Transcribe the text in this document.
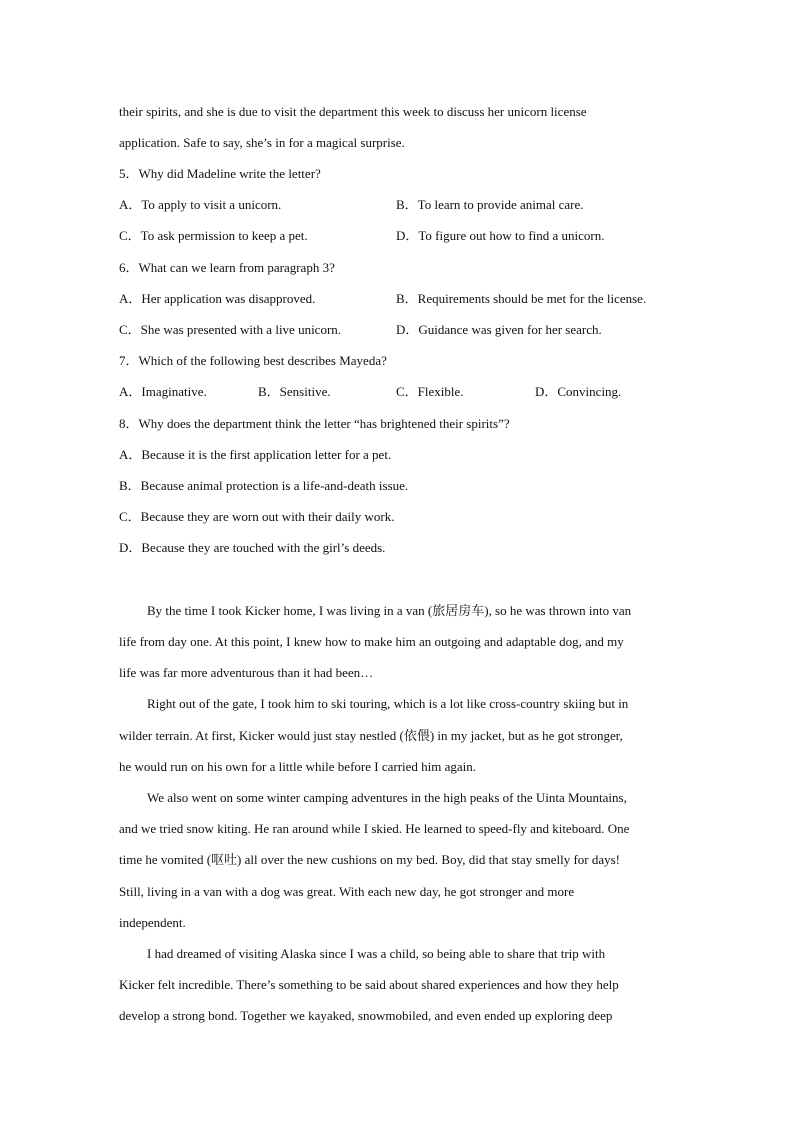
their spirits, and she is due to visit the department this week to discuss her unicorn license
application. Safe to say, she’s in for a magical surprise.
5．Why did Madeline write the letter?
A．To apply to visit a unicorn.	B．To learn to provide animal care.
C．To ask permission to keep a pet.	D．To figure out how to find a unicorn.
6．What can we learn from paragraph 3?
A．Her application was disapproved.	B．Requirements should be met for the license.
C．She was presented with a live unicorn.	D．Guidance was given for her search.
7．Which of the following best describes Mayeda?
A．Imaginative.	B．Sensitive.	C．Flexible.	D．Convincing.
8．Why does the department think the letter “has brightened their spirits”?
A．Because it is the first application letter for a pet.
B．Because animal protection is a life-and-death issue.
C．Because they are worn out with their daily work.
D．Because they are touched with the girl’s deeds.
By the time I took Kicker home, I was living in a van (旅居房车), so he was thrown into van
life from day one. At this point, I knew how to make him an outgoing and adaptable dog, and my
life was far more adventurous than it had been…
Right out of the gate, I took him to ski touring, which is a lot like cross-country skiing but in
wilder terrain. At first, Kicker would just stay nestled (依偎) in my jacket, but as he got stronger,
he would run on his own for a little while before I carried him again.
We also went on some winter camping adventures in the high peaks of the Uinta Mountains,
and we tried snow kiting. He ran around while I skied. He learned to speed-fly and kiteboard. One
time he vomited (呕吐) all over the new cushions on my bed. Boy, did that stay smelly for days!
Still, living in a van with a dog was great. With each new day, he got stronger and more
independent.
I had dreamed of visiting Alaska since I was a child, so being able to share that trip with
Kicker felt incredible. There’s something to be said about shared experiences and how they help
develop a strong bond. Together we kayaked, snowmobiled, and even ended up exploring deep
